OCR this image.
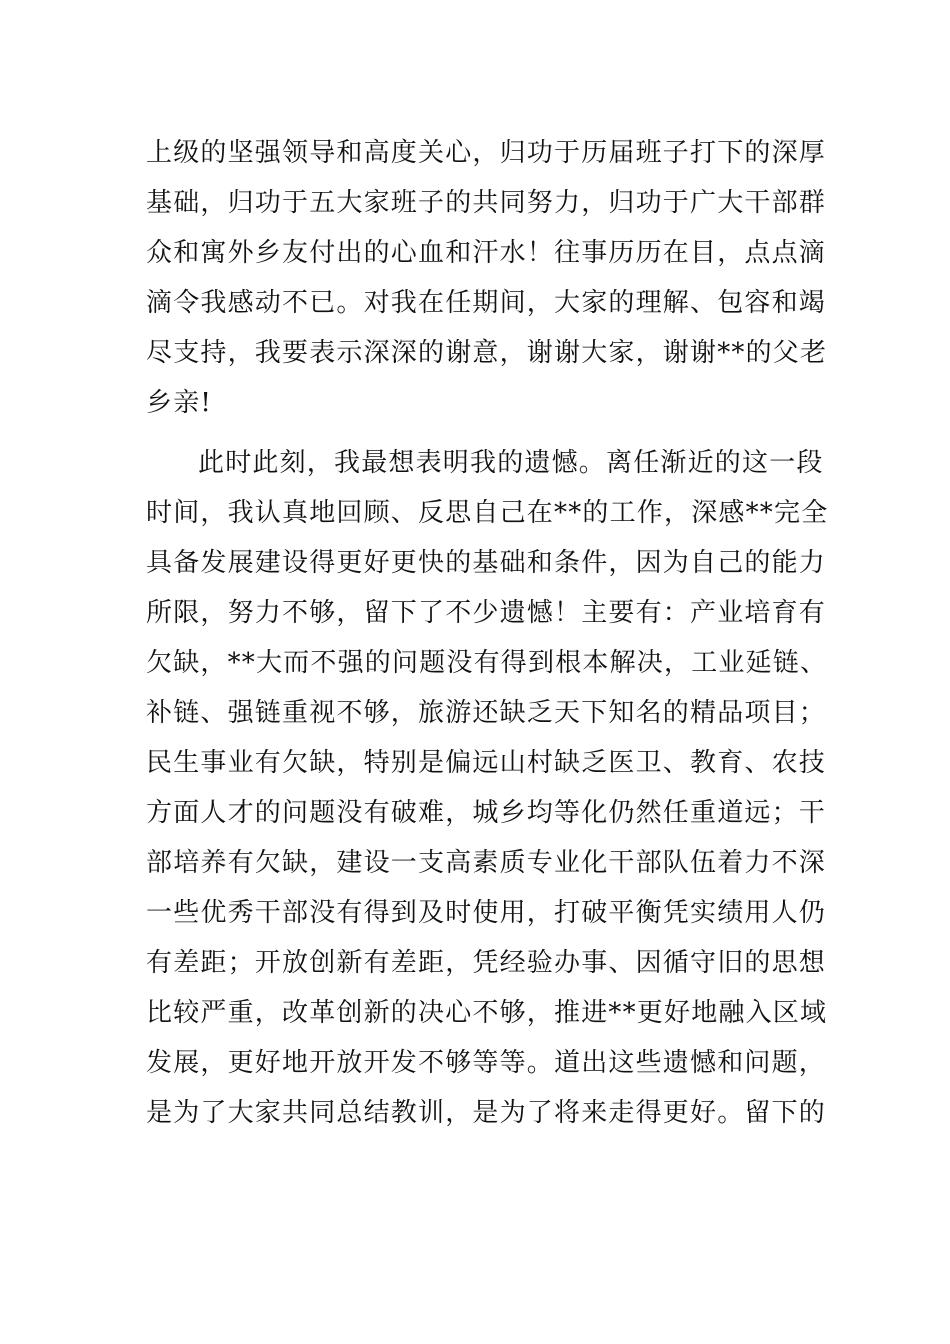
上级的坚强领导和高度关心，归功于历届班子打下的深厚
基础，归功于五大家班子的共同努力，归功于广大干部群
众和寓外乡友付出的心血和汗水！往事历历在目，点点滴
滴令我感动不已。对我在任期间，大家的理解、包容和竭
尽支持，我要表示深深的谢意，谢谢大家，谢谢**的父老
乡亲!
此时此刻，我最想表明我的遗憾。离任渐近的这一段
时间，我认真地回顾、反思自己在**的工作，深感**完全
具备发展建设得更好更快的基础和条件，因为自己的能力
所限，努力不够，留下了不少遗憾！主要有：产业培育有
欠缺，**大而不强的问题没有得到根本解决，工业延链、
补链、强链重视不够，旅游还缺乏天下知名的精品项目；
民生事业有欠缺，特别是偏远山村缺乏医卫、教育、农技
方面人才的问题没有破难，城乡均等化仍然任重道远；干
部培养有欠缺，建设一支高素质专业化干部队伍着力不深
一些优秀干部没有得到及时使用，打破平衡凭实绩用人仍
有差距；开放创新有差距，凭经验办事、因循守旧的思想
比较严重，改革创新的决心不够，推进**更好地融入区域
发展，更好地开放开发不够等等。道出这些遗憾和问题，
是为了大家共同总结教训，是为了将来走得更好。留下的
